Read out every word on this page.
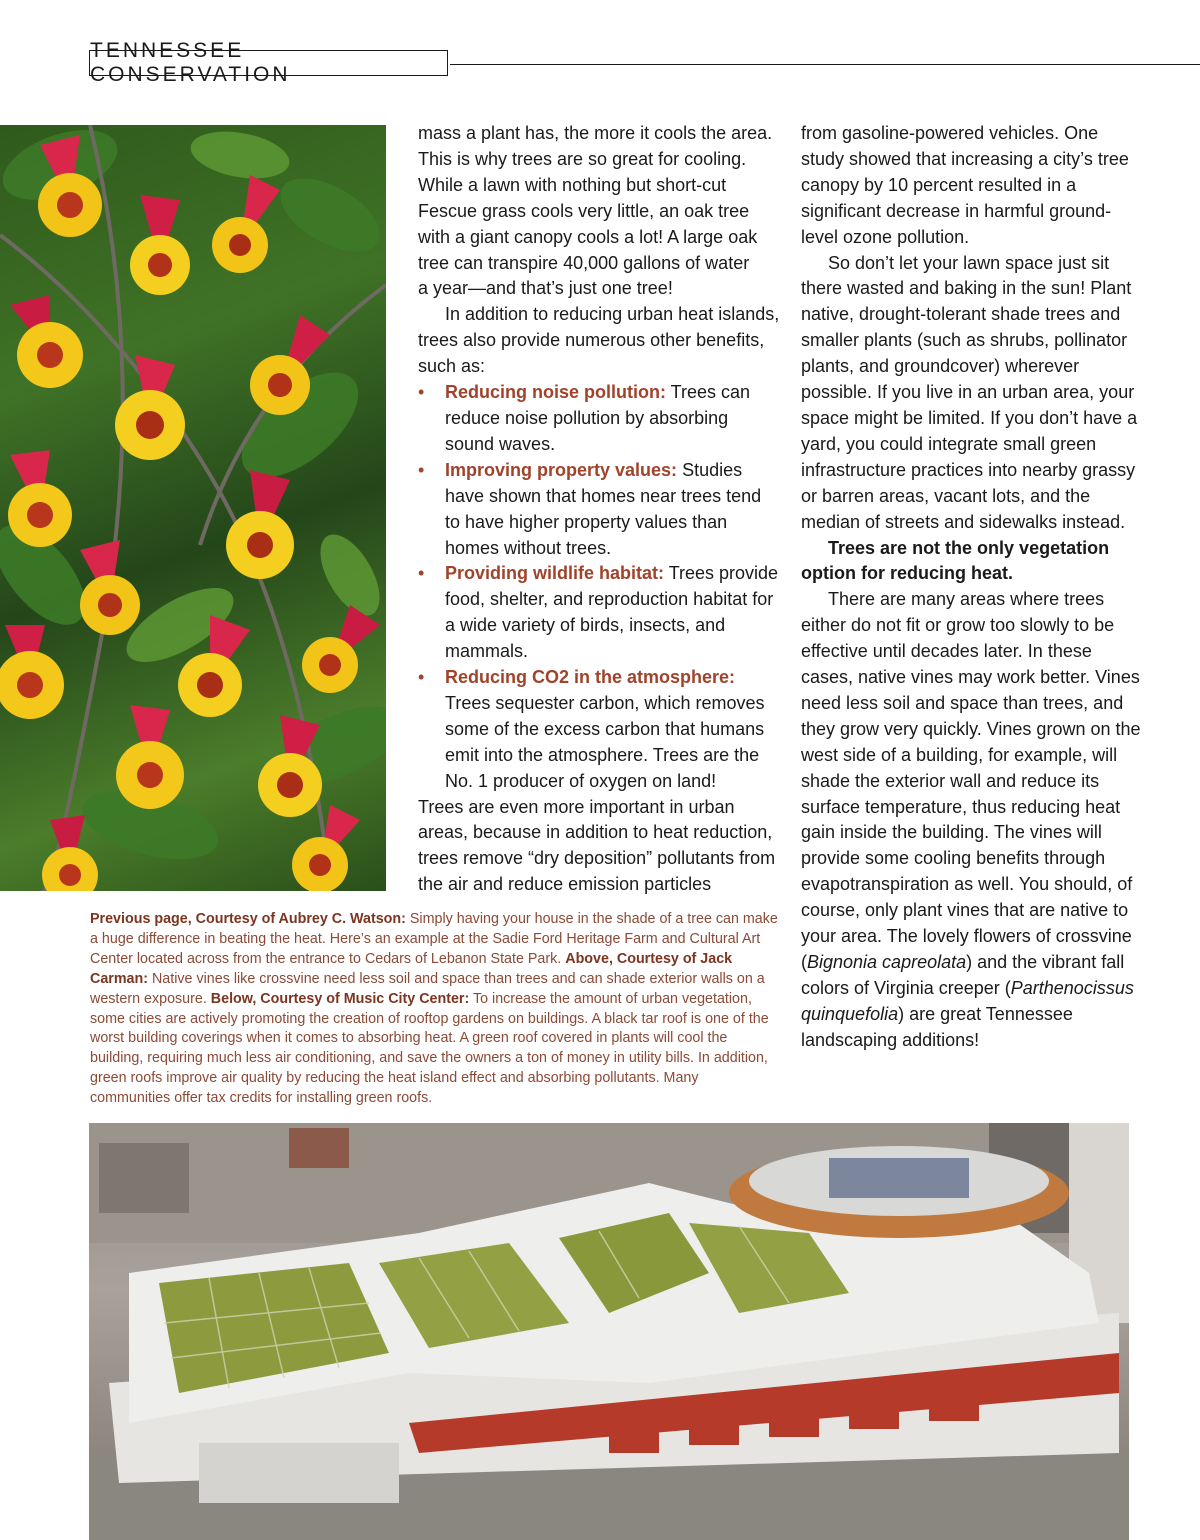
TENNESSEE CONSERVATION

mass a plant has, the more it cools the area.

This is why trees are so great for cooling.

While a lawn with nothing but short-cut

Fescue grass cools very little, an oak tree

with a giant canopy cools a lot! A large oak

tree can transpire 40,000 gallons of water

a year—and that’s just one tree!

In addition to reducing urban heat islands, trees also provide numerous other benefits, such as:

• Reducing noise pollution: Trees can reduce noise pollution by absorbing sound waves.
• Improving property values: Studies have shown that homes near trees tend to have higher property values than homes without trees.
• Providing wildlife habitat: Trees provide food, shelter, and reproduction habitat for a wide variety of birds, insects, and mammals.
• Reducing CO2 in the atmosphere: Trees sequester carbon, which removes some of the excess carbon that humans emit into the atmosphere. Trees are the No. 1 producer of oxygen on land!

Trees are even more important in urban areas, because in addition to heat reduction, trees remove “dry deposition” pollutants from the air and reduce emission particles

from gasoline-powered vehicles. One study showed that increasing a city’s tree canopy by 10 percent resulted in a significant decrease in harmful ground-level ozone pollution.

So don’t let your lawn space just sit there wasted and baking in the sun! Plant native, drought-tolerant shade trees and smaller plants (such as shrubs, pollinator plants, and groundcover) wherever possible. If you live in an urban area, your space might be limited. If you don’t have a yard, you could integrate small green infrastructure practices into nearby grassy or barren areas, vacant lots, and the median of streets and sidewalks instead.

Trees are not the only vegetation option for reducing heat.

There are many areas where trees either do not fit or grow too slowly to be effective until decades later. In these cases, native vines may work better. Vines need less soil and space than trees, and they grow very quickly. Vines grown on the west side of a building, for example, will shade the exterior wall and reduce its surface temperature, thus reducing heat gain inside the building. The vines will provide some cooling benefits through evapotranspiration as well. You should, of course, only plant vines that are native to your area. The lovely flowers of crossvine (Bignonia capreolata) and the vibrant fall colors of Virginia creeper (Parthenocissus quinquefolia) are great Tennessee landscaping additions!

Previous page, Courtesy of Aubrey C. Watson: Simply having your house in the shade of a tree can make a huge difference in beating the heat. Here’s an example at the Sadie Ford Heritage Farm and Cultural Art Center located across from the entrance to Cedars of Lebanon State Park. Above, Courtesy of Jack Carman: Native vines like crossvine need less soil and space than trees and can shade exterior walls on a western exposure. Below, Courtesy of Music City Center: To increase the amount of urban vegetation, some cities are actively promoting the creation of rooftop gardens on buildings. A black tar roof is one of the worst building coverings when it comes to absorbing heat. A green roof covered in plants will cool the building, requiring much less air conditioning, and save the owners a ton of money in utility bills. In addition, green roofs improve air quality by reducing the heat island effect and absorbing pollutants. Many communities offer tax credits for installing green roofs.
